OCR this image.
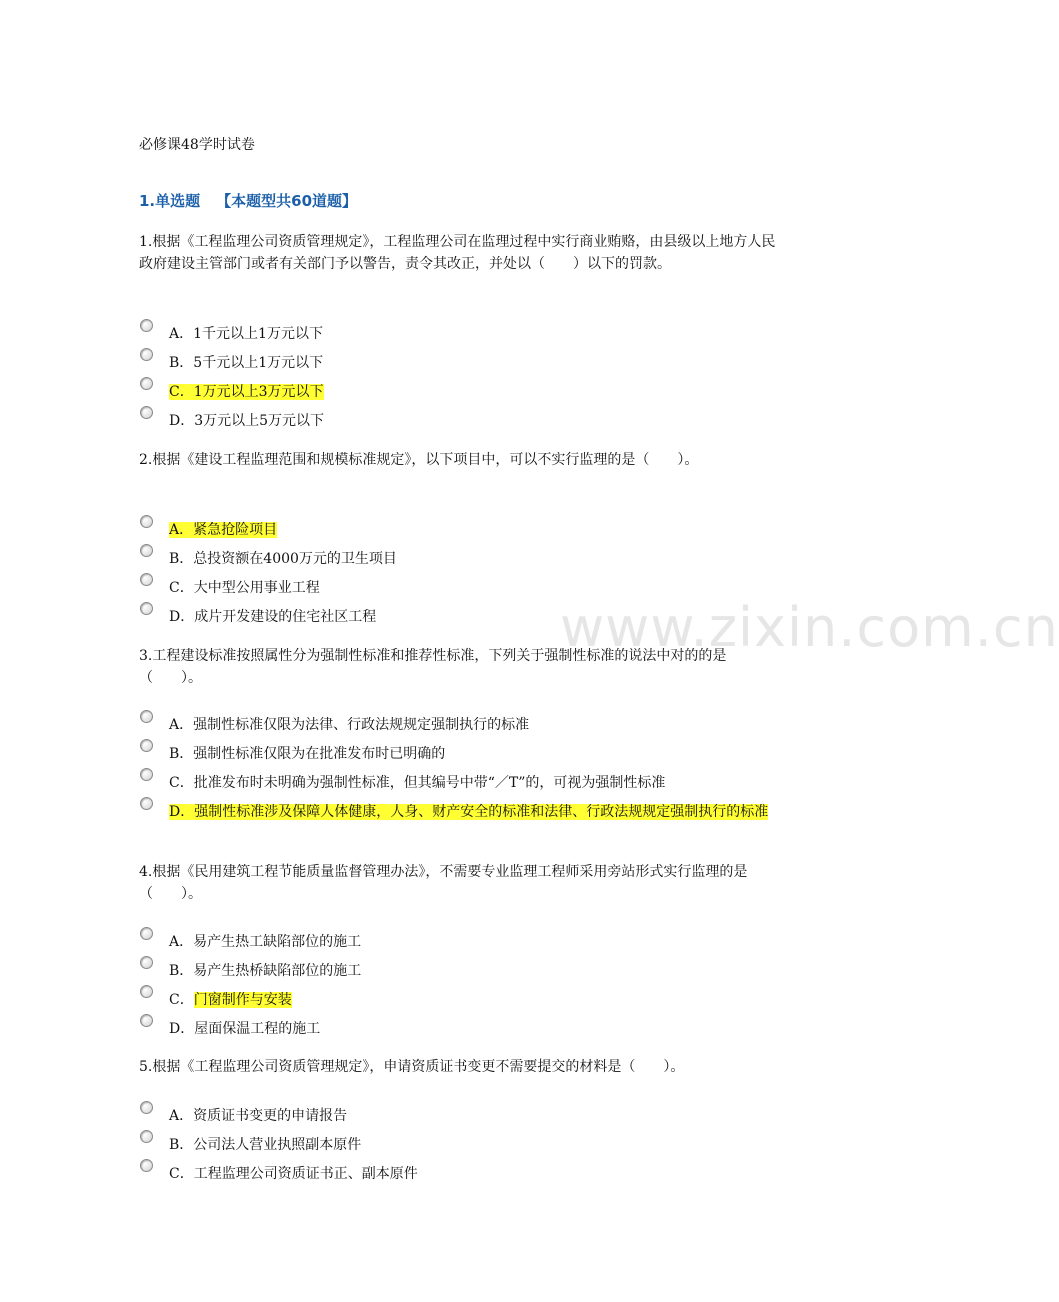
www.zixin.com.cn
必修课48学时试卷
1.单选题 【本题型共60道题】
1.根据《工程监理公司资质管理规定》，工程监理公司在监理过程中实行商业贿赂，由县级以上地方人民政府建设主管部门或者有关部门予以警告，责令其改正，并处以（　　）以下的罚款。
A．1千元以上1万元以下
B．5千元以上1万元以下
C．1万元以上3万元以下
D．3万元以上5万元以下
2.根据《建设工程监理范围和规模标准规定》，以下项目中，可以不实行监理的是（　　）。
A．紧急抢险项目
B．总投资额在4000万元的卫生项目
C．大中型公用事业工程
D．成片开发建设的住宅社区工程
3.工程建设标准按照属性分为强制性标准和推荐性标准，下列关于强制性标准的说法中对的的是（　　）。
A．强制性标准仅限为法律、行政法规规定强制执行的标准
B．强制性标准仅限为在批准发布时已明确的
C．批准发布时未明确为强制性标准，但其编号中带“／T”的，可视为强制性标准
D．强制性标准涉及保障人体健康，人身、财产安全的标准和法律、行政法规规定强制执行的标准
4.根据《民用建筑工程节能质量监督管理办法》，不需要专业监理工程师采用旁站形式实行监理的是（　　）。
A．易产生热工缺陷部位的施工
B．易产生热桥缺陷部位的施工
C．门窗制作与安装
D．屋面保温工程的施工
5.根据《工程监理公司资质管理规定》，申请资质证书变更不需要提交的材料是（　　）。
A．资质证书变更的申请报告
B．公司法人营业执照副本原件
C．工程监理公司资质证书正、副本原件
